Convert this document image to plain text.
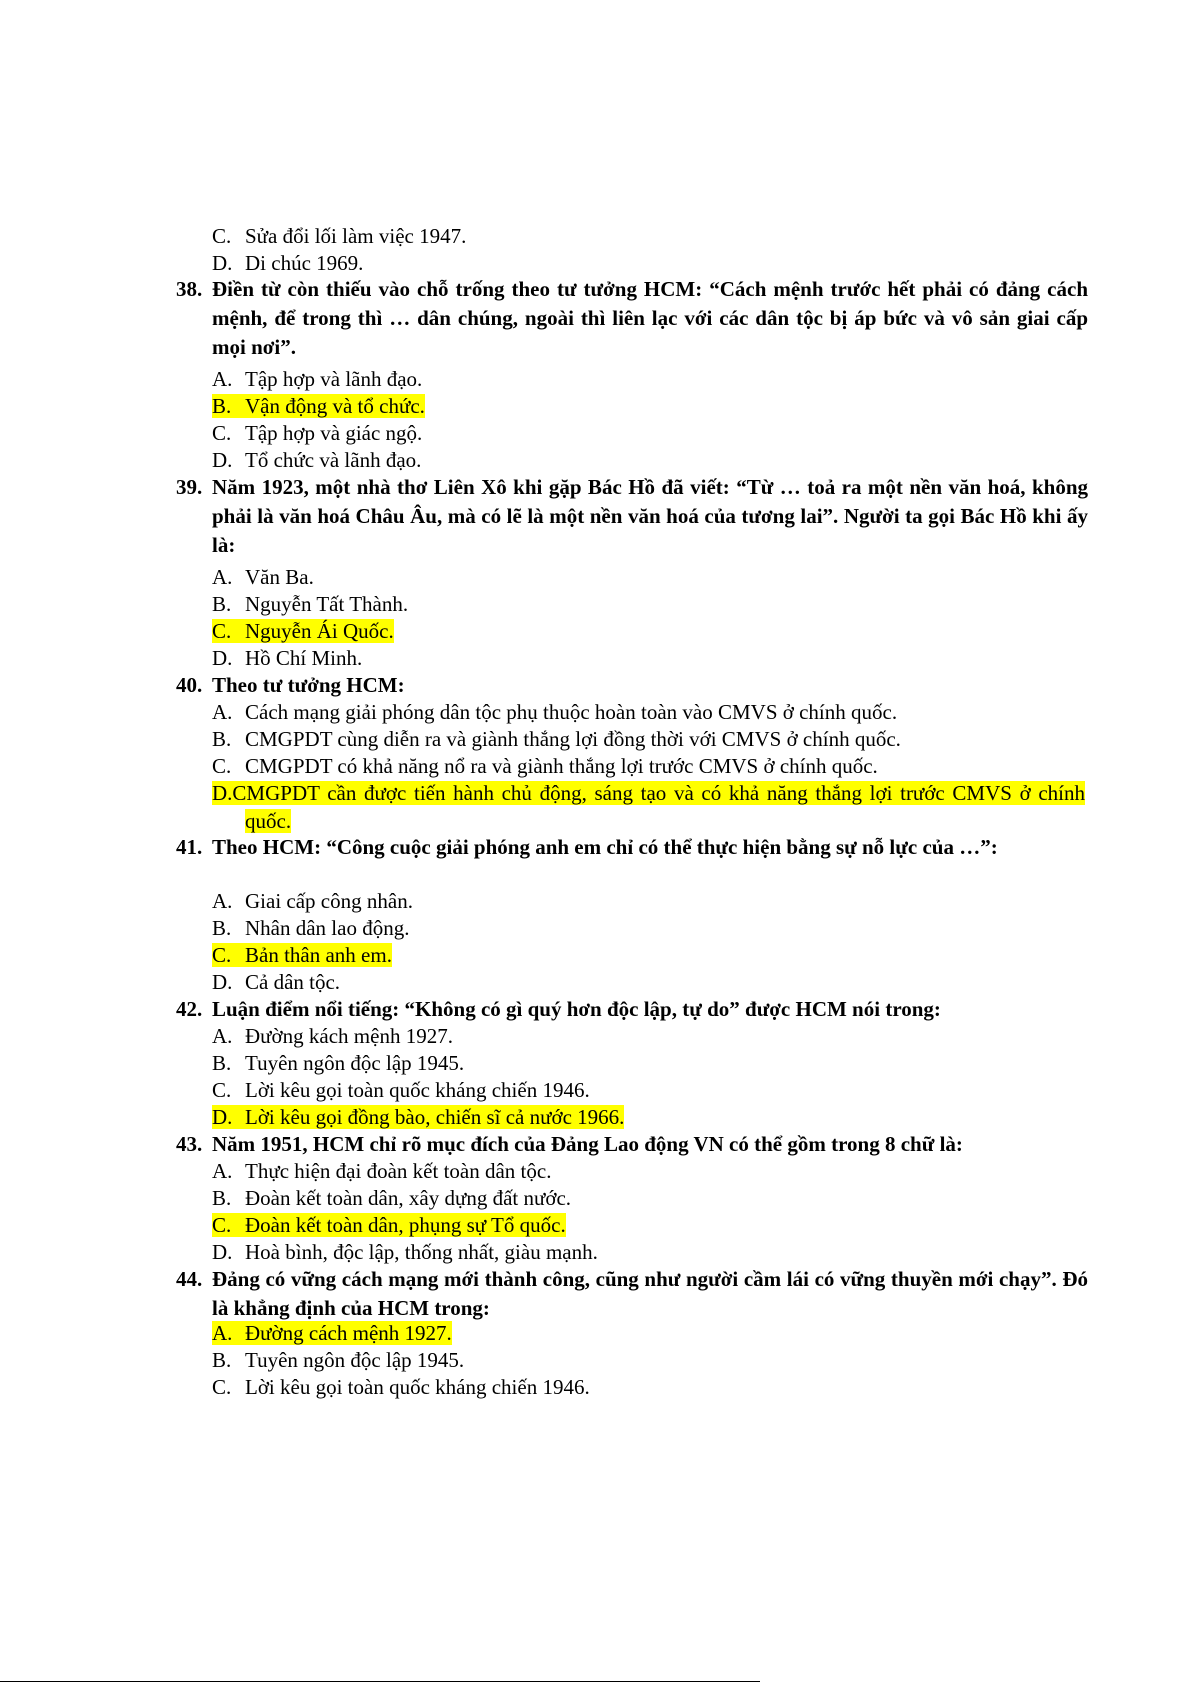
C. Sửa đổi lối làm việc 1947.
D. Di chúc 1969.
38. Điền từ còn thiếu vào chỗ trống theo tư tưởng HCM: “Cách mệnh trước hết phải có đảng cách mệnh, để trong thì … dân chúng, ngoài thì liên lạc với các dân tộc bị áp bức và vô sản giai cấp mọi nơi”.
A. Tập hợp và lãnh đạo.
B. Vận động và tổ chức.
C. Tập hợp và giác ngộ.
D. Tổ chức và lãnh đạo.
39. Năm 1923, một nhà thơ Liên Xô khi gặp Bác Hồ đã viết: “Từ … toả ra một nền văn hoá, không phải là văn hoá Châu Âu, mà có lẽ là một nền văn hoá của tương lai”. Người ta gọi Bác Hồ khi ấy là:
A. Văn Ba.
B. Nguyễn Tất Thành.
C. Nguyễn Ái Quốc.
D. Hồ Chí Minh.
40. Theo tư tưởng HCM:
A. Cách mạng giải phóng dân tộc phụ thuộc hoàn toàn vào CMVS ở chính quốc.
B. CMGPDT cùng diễn ra và giành thắng lợi đồng thời với CMVS ở chính quốc.
C. CMGPDT có khả năng nổ ra và giành thắng lợi trước CMVS ở chính quốc.
D.CMGPDT cần được tiến hành chủ động, sáng tạo và có khả năng thắng lợi trước CMVS ở chính quốc.
41. Theo HCM: “Công cuộc giải phóng anh em chỉ có thể thực hiện bằng sự nỗ lực của …”:
A. Giai cấp công nhân.
B. Nhân dân lao động.
C. Bản thân anh em.
D. Cả dân tộc.
42. Luận điểm nổi tiếng: “Không có gì quý hơn độc lập, tự do” được HCM nói trong:
A. Đường kách mệnh 1927.
B. Tuyên ngôn độc lập 1945.
C. Lời kêu gọi toàn quốc kháng chiến 1946.
D. Lời kêu gọi đồng bào, chiến sĩ cả nước 1966.
43. Năm 1951, HCM chỉ rõ mục đích của Đảng Lao động VN có thể gồm trong 8 chữ là:
A. Thực hiện đại đoàn kết toàn dân tộc.
B. Đoàn kết toàn dân, xây dựng đất nước.
C. Đoàn kết toàn dân, phụng sự Tổ quốc.
D. Hoà bình, độc lập, thống nhất, giàu mạnh.
44. Đảng có vững cách mạng mới thành công, cũng như người cầm lái có vững thuyền mới chạy”. Đó là khẳng định của HCM trong:
A. Đường cách mệnh 1927.
B. Tuyên ngôn độc lập 1945.
C. Lời kêu gọi toàn quốc kháng chiến 1946.
